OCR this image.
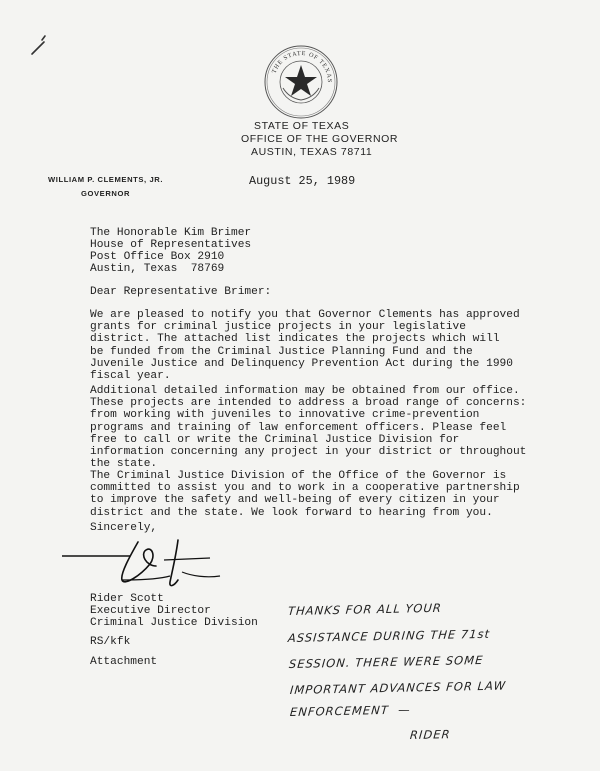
THE STATE OF TEXAS
STATE OF TEXAS
OFFICE OF THE GOVERNOR
AUSTIN, TEXAS 78711
WILLIAM P. CLEMENTS, JR.
GOVERNOR
August 25, 1989
The Honorable Kim Brimer
House of Representatives
Post Office Box 2910
Austin, Texas  78769
Dear Representative Brimer:
We are pleased to notify you that Governor Clements has approved
grants for criminal justice projects in your legislative
district. The attached list indicates the projects which will
be funded from the Criminal Justice Planning Fund and the
Juvenile Justice and Delinquency Prevention Act during the 1990
fiscal year.
Additional detailed information may be obtained from our office.
These projects are intended to address a broad range of concerns:
from working with juveniles to innovative crime-prevention
programs and training of law enforcement officers. Please feel
free to call or write the Criminal Justice Division for
information concerning any project in your district or throughout
the state.
The Criminal Justice Division of the Office of the Governor is
committed to assist you and to work in a cooperative partnership
to improve the safety and well-being of every citizen in your
district and the state. We look forward to hearing from you.
Sincerely,
Rider Scott
Executive Director
Criminal Justice Division
RS/kfk
Attachment
THANKS FOR ALL YOUR
ASSISTANCE DURING THE 71st
SESSION. THERE WERE SOME
IMPORTANT ADVANCES FOR LAW
ENFORCEMENT  —
RIDER
